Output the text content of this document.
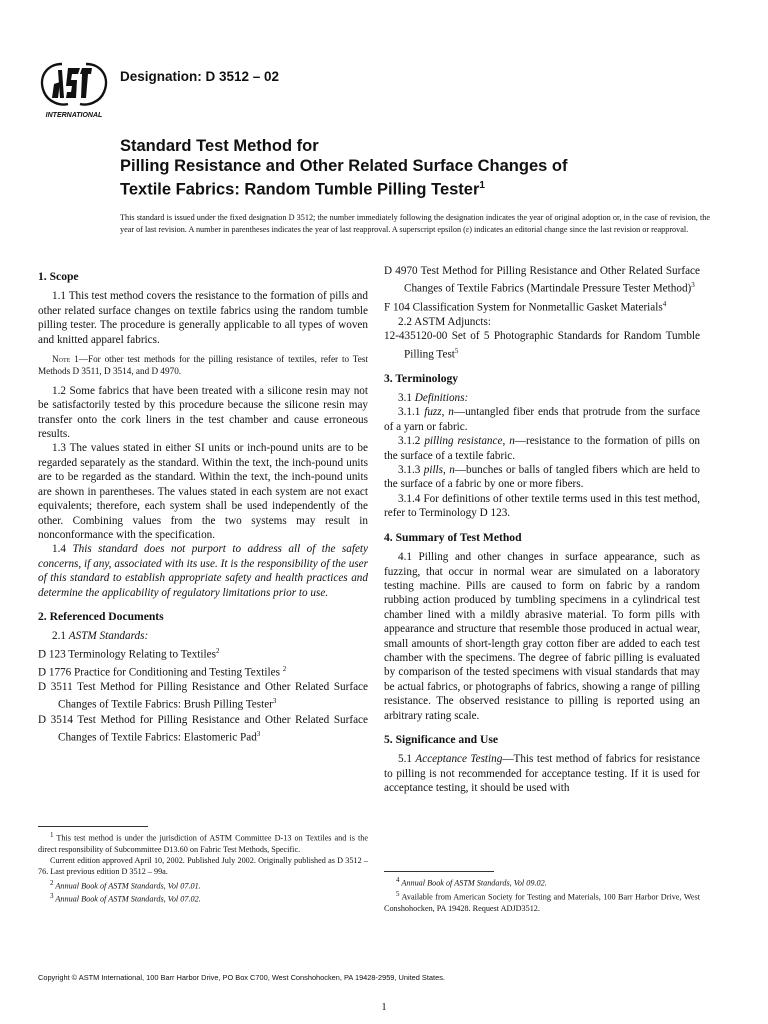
INTERNATIONAL
Designation: D 3512 – 02
Standard Test Method for
Pilling Resistance and Other Related Surface Changes of
Textile Fabrics: Random Tumble Pilling Tester$^1$
This standard is issued under the fixed designation D 3512; the number immediately following the designation indicates the year of original adoption or, in the case of revision, the year of last revision. A number in parentheses indicates the year of last reapproval. A superscript epsilon (ε) indicates an editorial change since the last revision or reapproval.
1. Scope

1.1 This test method covers the resistance to the formation of pills and other related surface changes on textile fabrics using the random tumble pilling tester. The procedure is generally applicable to all types of woven and knitted apparel fabrics.

Note 1—For other test methods for the pilling resistance of textiles, refer to Test Methods D 3511, D 3514, and D 4970.

1.2 Some fabrics that have been treated with a silicone resin may not be satisfactorily tested by this procedure because the silicone resin may transfer onto the cork liners in the test chamber and cause erroneous results.

1.3 The values stated in either SI units or inch-pound units are to be regarded separately as the standard. Within the text, the inch-pound units are to be regarded as the standard. Within the text, the inch-pound units are shown in parentheses. The values stated in each system are not exact equivalents; therefore, each system shall be used independently of the other. Combining values from the two systems may result in nonconformance with the specification.

1.4 This standard does not purport to address all of the safety concerns, if any, associated with its use. It is the responsibility of the user of this standard to establish appropriate safety and health practices and determine the applicability of regulatory limitations prior to use.

2. Referenced Documents
2.1 ASTM Standards:
D 123 Terminology Relating to Textiles$^2$
D 1776 Practice for Conditioning and Testing Textiles $^2$
D 3511 Test Method for Pilling Resistance and Other Related Surface Changes of Textile Fabrics: Brush Pilling Tester$^3$
D 3514 Test Method for Pilling Resistance and Other Related Surface Changes of Textile Fabrics: Elastomeric Pad$^3$
D 4970 Test Method for Pilling Resistance and Other Related Surface Changes of Textile Fabrics (Martindale Pressure Tester Method)$^3$
F 104 Classification System for Nonmetallic Gasket Materials$^4$
2.2 ASTM Adjuncts:
12-435120-00 Set of 5 Photographic Standards for Random Tumble Pilling Test$^5$
3. Terminology
3.1 Definitions:

3.1.1 fuzz, n—untangled fiber ends that protrude from the surface of a yarn or fabric.

3.1.2 pilling resistance, n—resistance to the formation of pills on the surface of a textile fabric.

3.1.3 pills, n—bunches or balls of tangled fibers which are held to the surface of a fabric by one or more fibers.

3.1.4 For definitions of other textile terms used in this test method, refer to Terminology D 123.

4. Summary of Test Method

4.1 Pilling and other changes in surface appearance, such as fuzzing, that occur in normal wear are simulated on a laboratory testing machine. Pills are caused to form on fabric by a random rubbing action produced by tumbling specimens in a cylindrical test chamber lined with a mildly abrasive material. To form pills with appearance and structure that resemble those produced in actual wear, small amounts of short-length gray cotton fiber are added to each test chamber with the specimens. The degree of fabric pilling is evaluated by comparison of the tested specimens with visual standards that may be actual fabrics, or photographs of fabrics, showing a range of pilling resistance. The observed resistance to pilling is reported using an arbitrary rating scale.

5. Significance and Use

5.1 Acceptance Testing—This test method of fabrics for resistance to pilling is not recommended for acceptance testing. If it is used for acceptance testing, it should be used with

$^1$ This test method is under the jurisdiction of ASTM Committee D-13 on Textiles and is the direct responsibility of Subcommittee D13.60 on Fabric Test Methods, Specific.

Current edition approved April 10, 2002. Published July 2002. Originally published as D 3512 – 76. Last previous edition D 3512 – 99a.

$^2$ Annual Book of ASTM Standards, Vol 07.01.

$^3$ Annual Book of ASTM Standards, Vol 07.02.

$^4$ Annual Book of ASTM Standards, Vol 09.02.

$^5$ Available from American Society for Testing and Materials, 100 Barr Harbor Drive, West Conshohocken, PA 19428. Request ADJD3512.

Copyright © ASTM International, 100 Barr Harbor Drive, PO Box C700, West Conshohocken, PA 19428-2959, United States.
1
